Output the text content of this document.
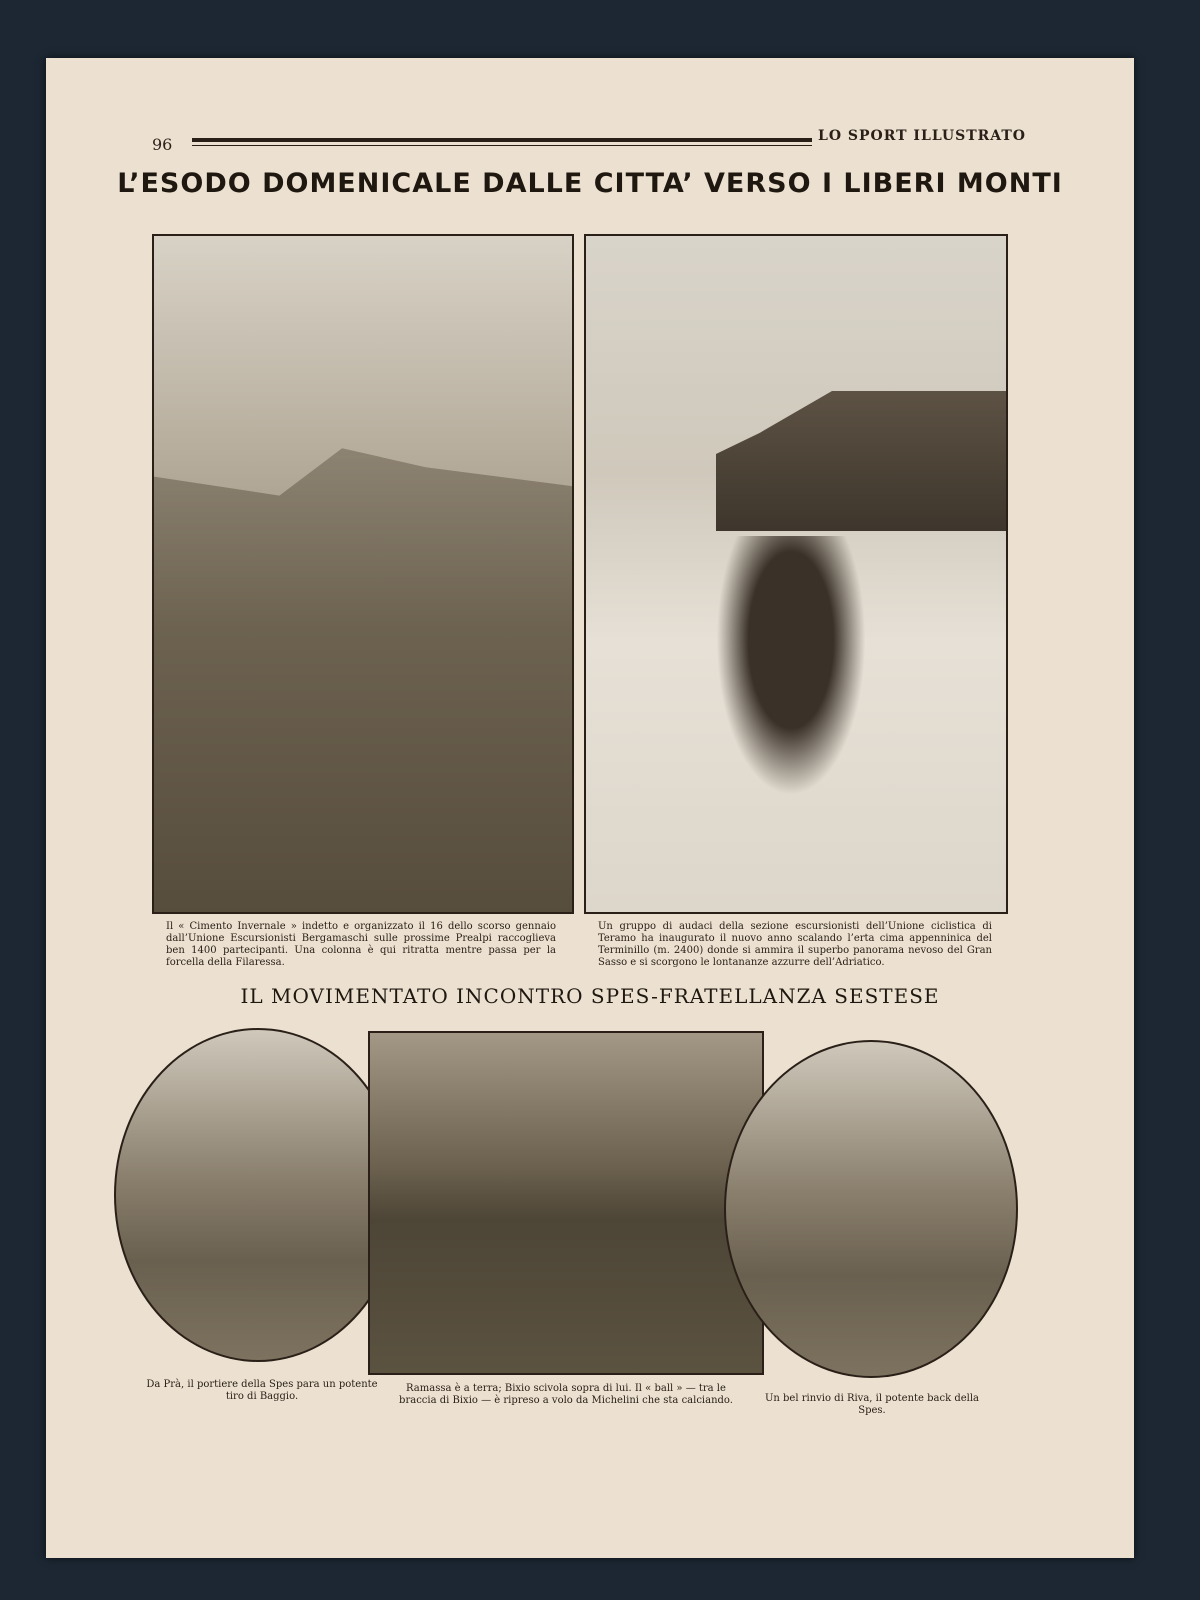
96	LO SPORT ILLUSTRATO
L’ESODO DOMENICALE DALLE CITTA’ VERSO I LIBERI MONTI
Il « Cimento Invernale » indetto e organizzato il 16 dello scorso gennaio dall’Unione Escursionisti Bergamaschi sulle prossime Prealpi raccoglieva ben 1400 partecipanti. Una colonna è qui ritratta mentre passa per la forcella della Filaressa.
Un gruppo di audaci della sezione escursionisti dell’Unione ciclistica di Teramo ha inaugurato il nuovo anno scalando l’erta cima appenninica del Terminillo (m. 2400) donde si ammira il superbo panorama nevoso del Gran Sasso e si scorgono le lontananze azzurre dell’Adriatico.
IL MOVIMENTATO INCONTRO SPES-FRATELLANZA SESTESE
Da Prà, il portiere della Spes para un potente tiro di Baggio.
Ramassa è a terra; Bixio scivola sopra di lui. Il « ball » — tra le braccia di Bixio — è ripreso a volo da Michelini che sta calciando.	Un bel rinvio di Riva, il potente back della Spes.
